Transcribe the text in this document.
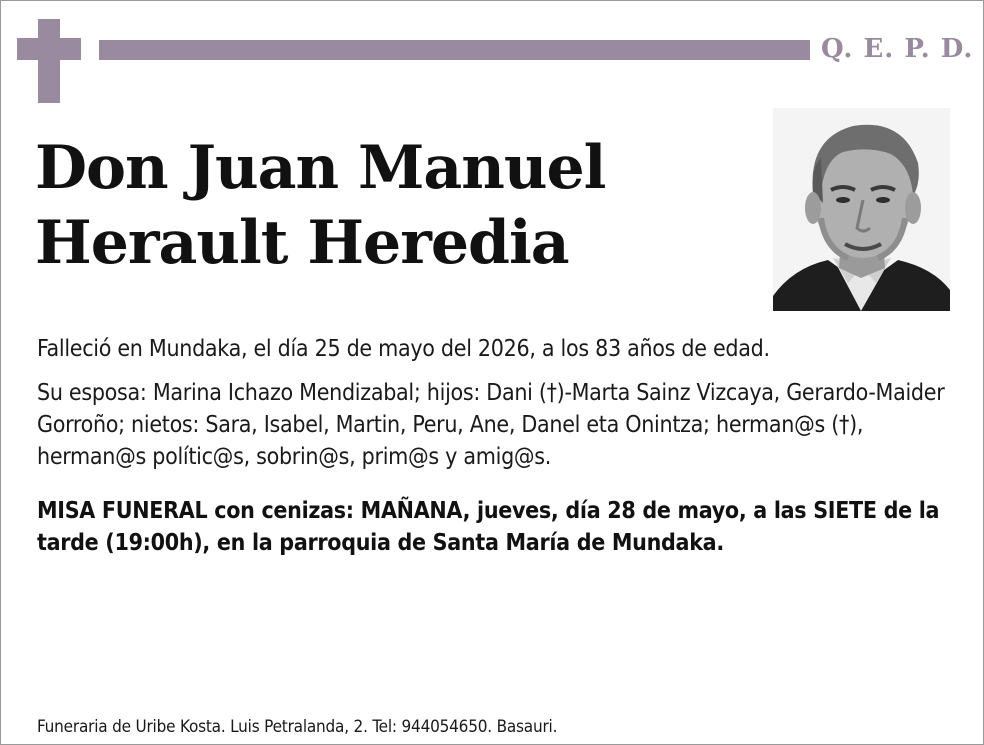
Q. E. P. D.
Don Juan Manuel
Herault Heredia
Falleció en Mundaka, el día 25 de mayo del 2026, a los 83 años de edad.
Su esposa: Marina Ichazo Mendizabal; hijos: Dani (†)-Marta Sainz Vizcaya, Gerardo-Maider Gorroño; nietos: Sara, Isabel, Martin, Peru, Ane, Danel eta Onintza; herman@s (†), herman@s polític@s, sobrin@s, prim@s y amig@s.
MISA FUNERAL con cenizas: MAÑANA, jueves, día 28 de mayo, a las SIETE de la tarde (19:00h), en la parroquia de Santa María de Mundaka.
Funeraria de Uribe Kosta. Luis Petralanda, 2. Tel: 944054650. Basauri.
